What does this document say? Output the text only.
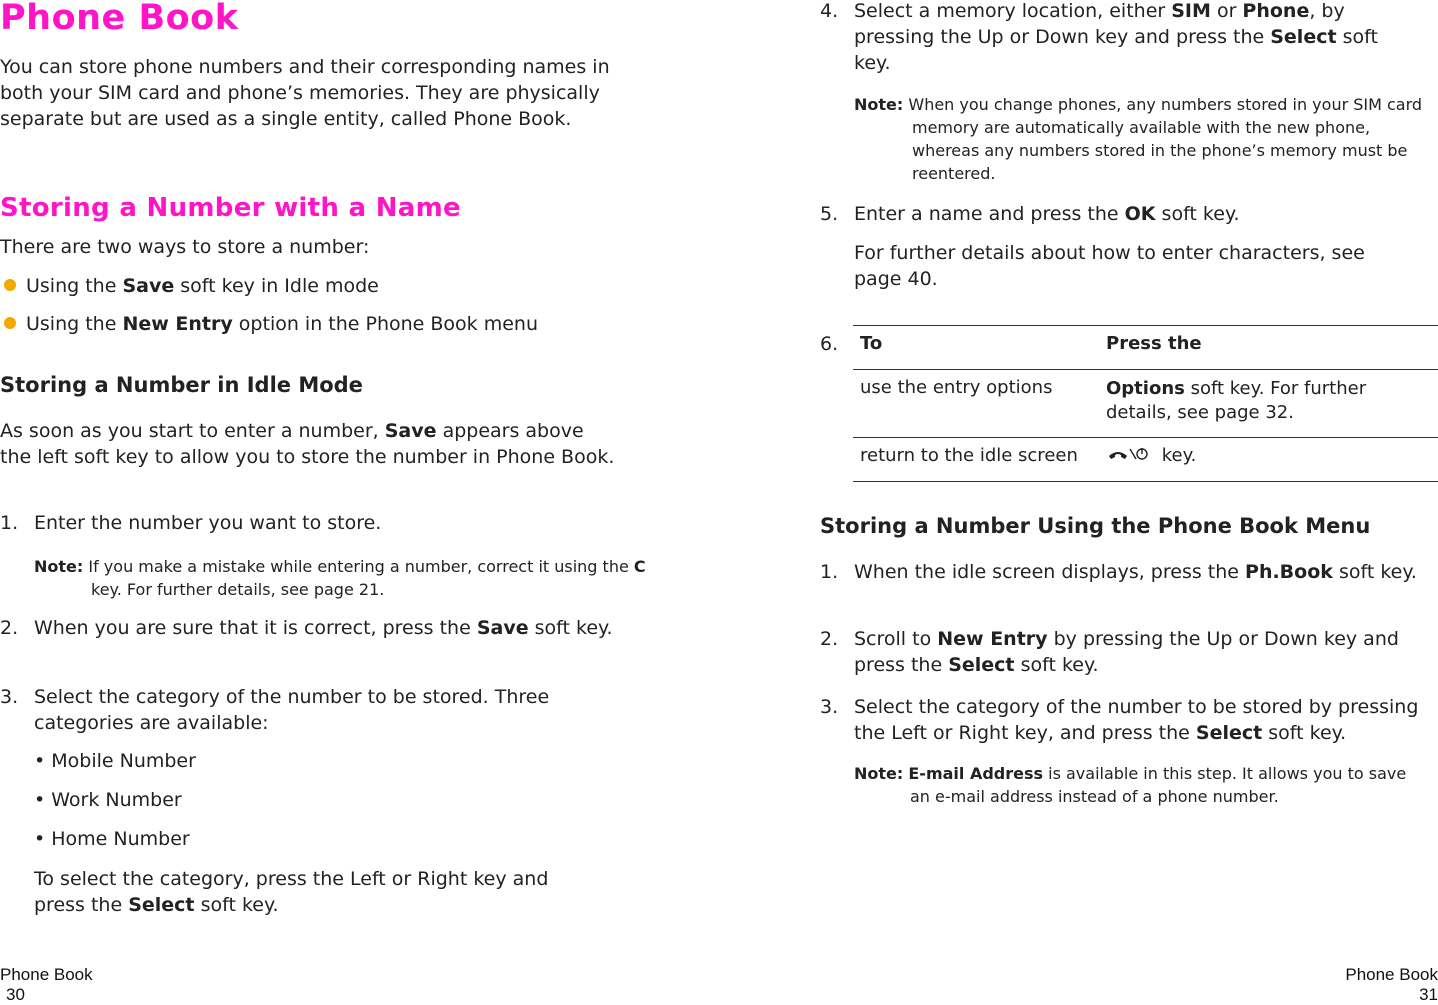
Phone Book

You can store phone numbers and their corresponding names in both your SIM card and phone’s memories. They are physically separate but are used as a single entity, called Phone Book.

Storing a Number with a Name

There are two ways to store a number:

Using the Save soft key in Idle mode

Using the New Entry option in the Phone Book menu

Storing a Number in Idle Mode

As soon as you start to enter a number, Save appears above the left soft key to allow you to store the number in Phone Book.

1. Enter the number you want to store.

Note: If you make a mistake while entering a number, correct it using the C key. For further details, see page 21.

2. When you are sure that it is correct, press the Save soft key.

3. Select the category of the number to be stored. Three categories are available:

• Mobile Number

• Work Number

• Home Number

To select the category, press the Left or Right key and press the Select soft key.

4. Select a memory location, either SIM or Phone, by pressing the Up or Down key and press the Select soft key.

Note: When you change phones, any numbers stored in your SIM card memory are automatically available with the new phone, whereas any numbers stored in the phone’s memory must be reentered.

5. Enter a name and press the OK soft key.

For further details about how to enter characters, see page 40.

6. To	Press the
use the entry options	Options soft key. For further details, see page 32.
return to the idle screen	key.
Storing a Number Using the Phone Book Menu
1. When the idle screen displays, press the Ph.Book soft key.

2. Scroll to New Entry by pressing the Up or Down key and press the Select soft key.

3. Select the category of the number to be stored by pressing the Left or Right key, and press the Select soft key.

Note: E-mail Address is available in this step. It allows you to save an e-mail address instead of a phone number.

Phone Book
30
Phone Book
31
